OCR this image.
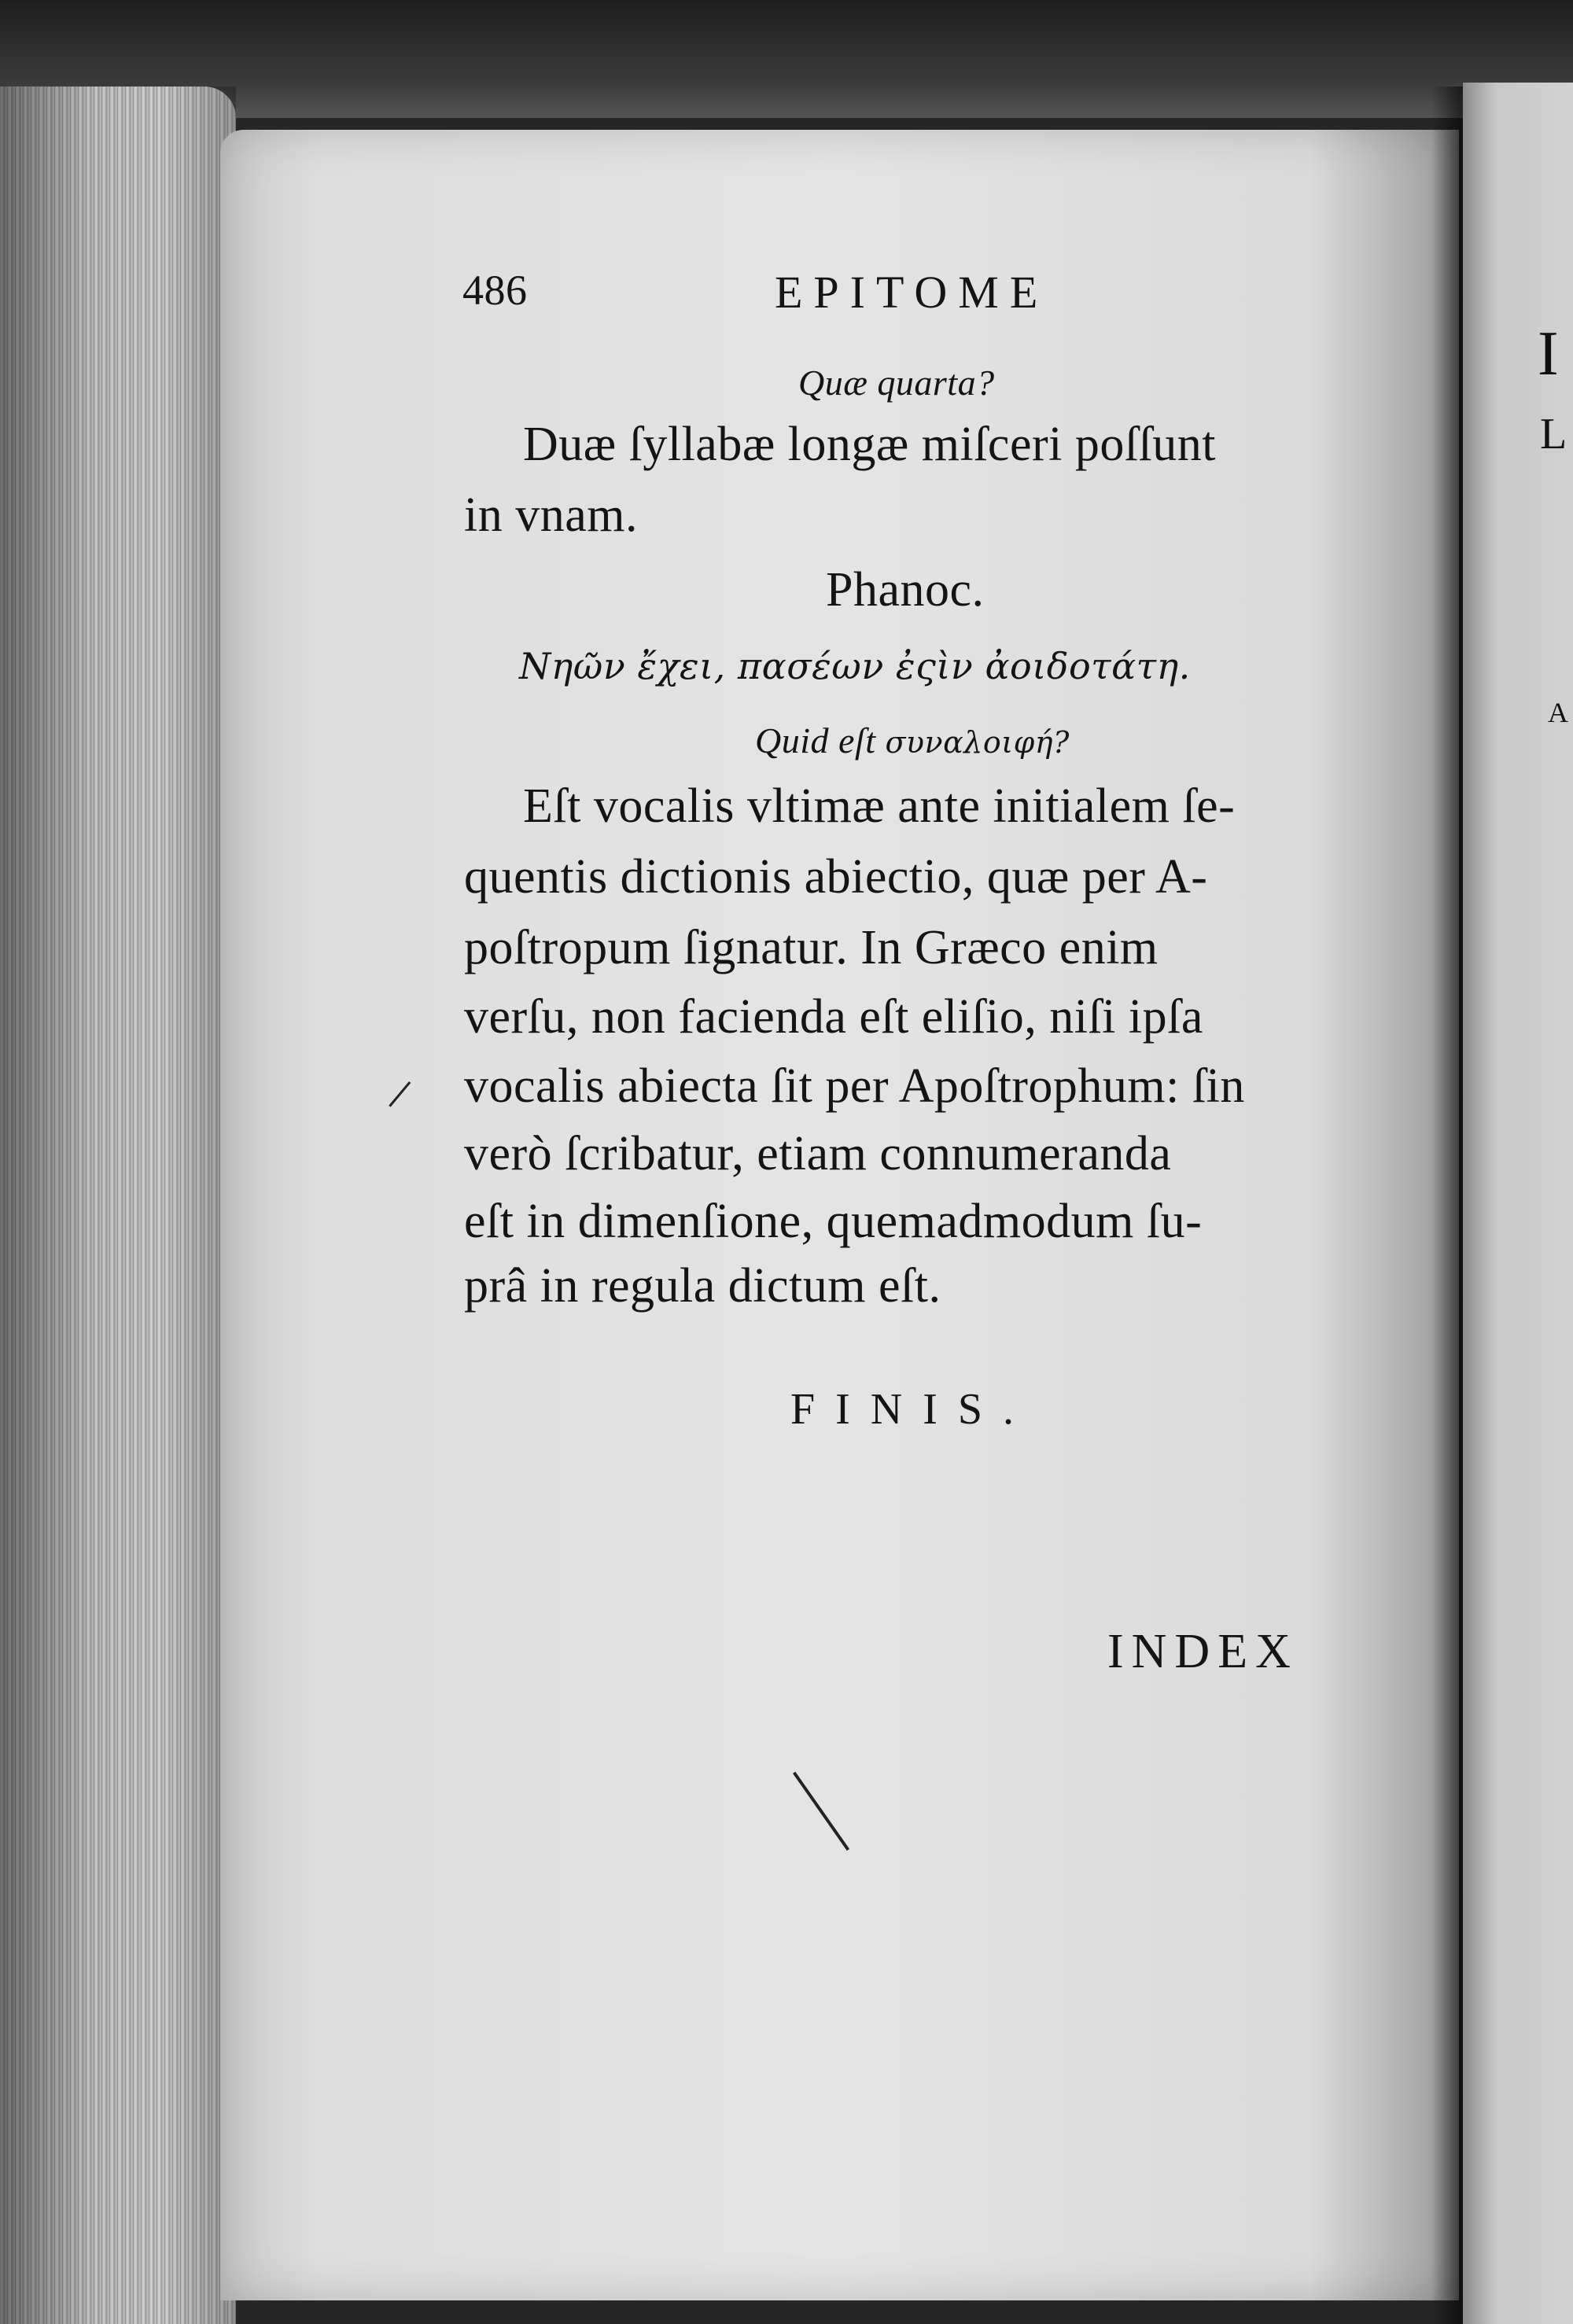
I
L
A
486	EPITOME
Quæ quarta?
Duæ ſyllabæ longæ miſceri poſſunt
in vnam.
Phanoc.
Νηῶν ἔχει, πασέων ἐςὶν ἀοιδοτάτη.
Quid eſt συναλοιφή?
Eſt vocalis vltimæ ante initialem ſe-
quentis dictionis abiectio, quæ per A-
poſtropum ſignatur. In Græco enim
verſu, non facienda eſt eliſio, niſi ipſa
vocalis abiecta ſit per Apoſtrophum: ſin
verò ſcribatur, etiam connumeranda
eſt in dimenſione, quemadmodum ſu-
prâ in regula dictum eſt.
FINIS.
INDEX
